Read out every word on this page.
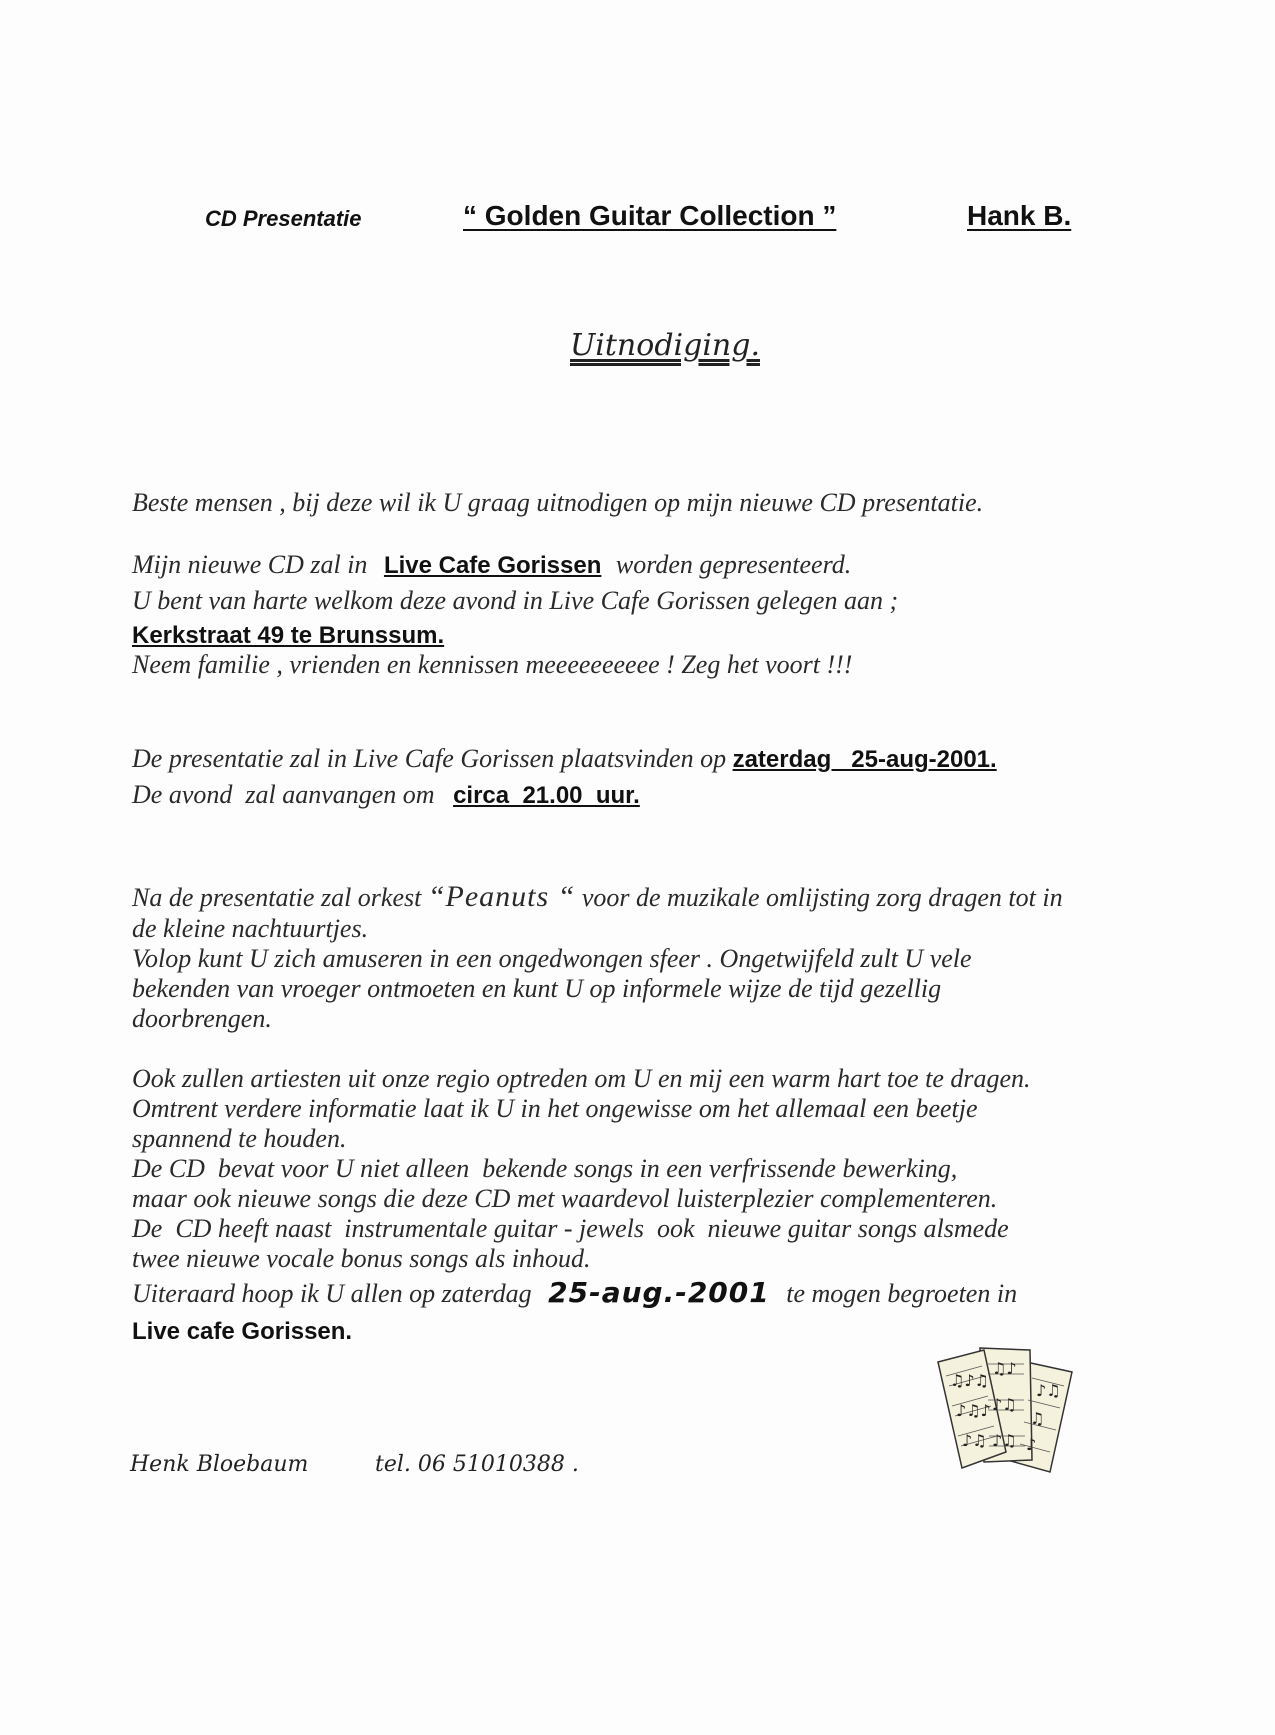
CD Presentatie	“ Golden Guitar Collection ”	Hank B.
Uitnodiging.
Beste mensen , bij deze wil ik U graag uitnodigen op mijn nieuwe CD presentatie.
Mijn nieuwe CD zal in Live Cafe Gorissen worden gepresenteerd.
U bent van harte welkom deze avond in Live Cafe Gorissen gelegen aan ;
Kerkstraat 49 te Brunssum.
Neem familie , vrienden en kennissen meeeeeeeeee ! Zeg het voort !!!
De presentatie zal in Live Cafe Gorissen plaatsvinden op zaterdag   25-aug-2001.
De avond  zal aanvangen om circa  21.00  uur.
Na de presentatie zal orkest “Peanuts “ voor de muzikale omlijsting zorg dragen tot in
de kleine nachtuurtjes.
Volop kunt U zich amuseren in een ongedwongen sfeer . Ongetwijfeld zult U vele
bekenden van vroeger ontmoeten en kunt U op informele wijze de tijd gezellig
doorbrengen.
Ook zullen artiesten uit onze regio optreden om U en mij een warm hart toe te dragen.
Omtrent verdere informatie laat ik U in het ongewisse om het allemaal een beetje
spannend te houden.
De CD  bevat voor U niet alleen  bekende songs in een verfrissende bewerking,
maar ook nieuwe songs die deze CD met waardevol luisterplezier complementeren.
De  CD heeft naast  instrumentale guitar - jewels  ook  nieuwe guitar songs alsmede
twee nieuwe vocale bonus songs als inhoud.
Uiteraard hoop ik U allen op zaterdag 25-aug.-2001 te mogen begroeten in
Live cafe Gorissen.
♫♪♫
♪♫♪
♪♫
♫♪
♪♫
♪♫
♪♫
♫
♪
Henk Bloebaum	tel. 06 51010388 .
